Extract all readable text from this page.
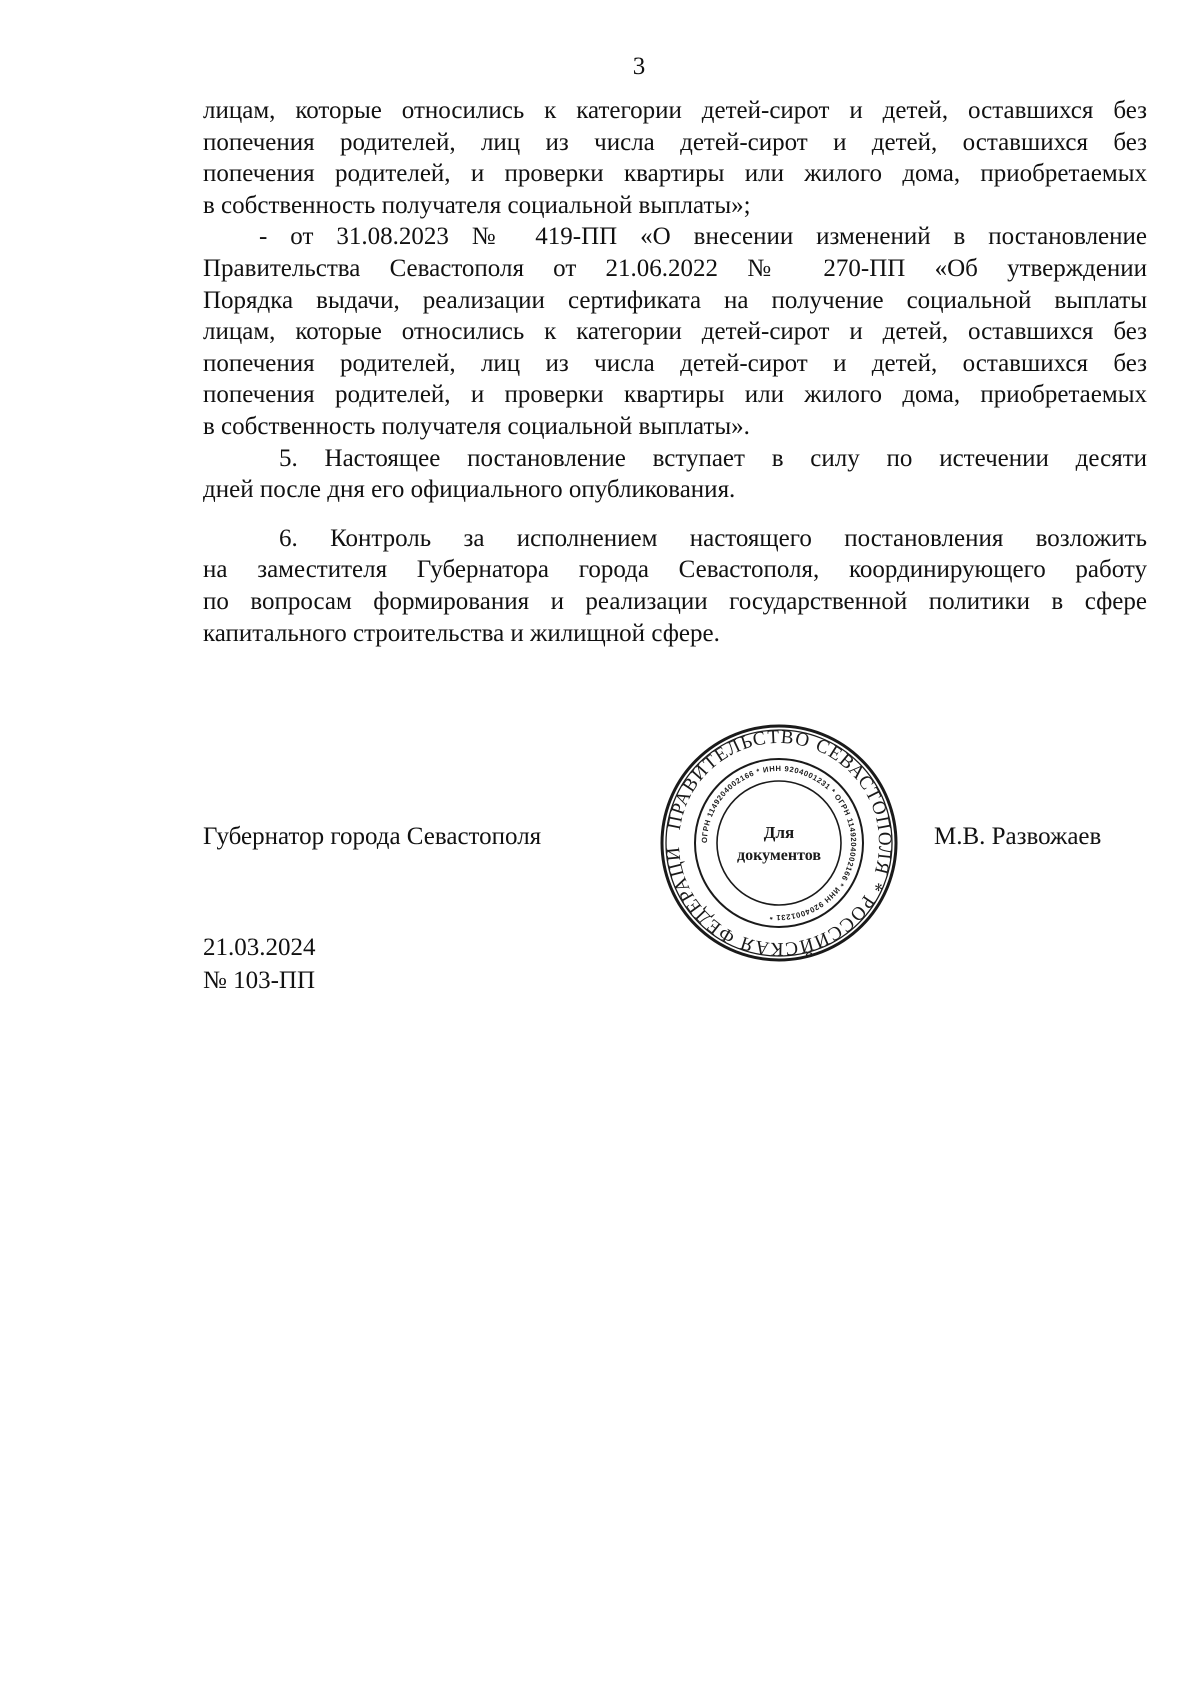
3
лицам, которые относились к категории детей-сирот и детей, оставшихся без
попечения родителей, лиц из числа детей-сирот и детей, оставшихся без
попечения родителей, и проверки квартиры или жилого дома, приобретаемых
в собственность получателя социальной выплаты»;
- от 31.08.2023 № 419-ПП «О внесении изменений в постановление
Правительства Севастополя от 21.06.2022 № 270-ПП «Об утверждении
Порядка выдачи, реализации сертификата на получение социальной выплаты
лицам, которые относились к категории детей-сирот и детей, оставшихся без
попечения родителей, лиц из числа детей-сирот и детей, оставшихся без
попечения родителей, и проверки квартиры или жилого дома, приобретаемых
в собственность получателя социальной выплаты».
5. Настоящее постановление вступает в силу по истечении десяти
дней после дня его официального опубликования.
6. Контроль за исполнением настоящего постановления возложить
на заместителя Губернатора города Севастополя, координирующего работу
по вопросам формирования и реализации государственной политики в сфере
капитального строительства и жилищной сфере.
Губернатор города Севастополя
ПРАВИТЕЛЬСТВО СЕВАСТОПОЛЯ * РОССИЙСКАЯ ФЕДЕРАЦИ
ОГРН 1149204002166 * ИНН 9204001231 * ОГРН 1149204002166 * ИНН 9204001231 *
Для
документов
М.В. Развожаев
21.03.2024
№ 103-ПП
